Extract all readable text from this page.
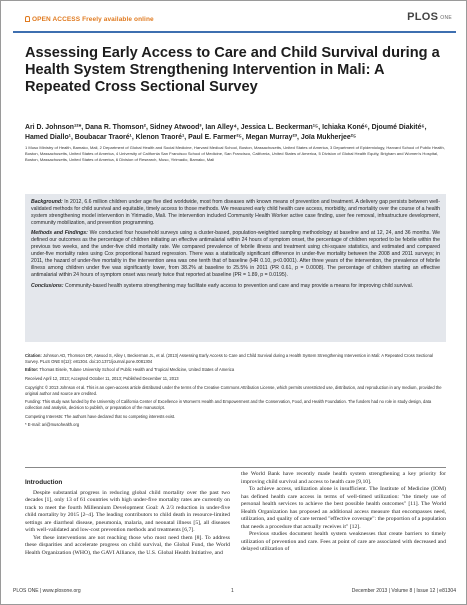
OPEN ACCESS Freely available online	PLOS ONE
Assessing Early Access to Care and Child Survival during a Health System Strengthening Intervention in Mali: A Repeated Cross Sectional Survey
Ari D. Johnson¹²*, Dana R. Thomson², Sidney Atwood³, Ian Alley⁴, Jessica L. Beckerman¹⁵, Ichiaka Koné⁶, Djoumé Diakité⁶, Hamed Diallo¹, Boubacar Traoré¹, Klenon Traoré¹, Paul E. Farmer²⁵, Megan Murray²³, Joïa Mukherjee²⁵
1 Muso Ministry of Health, Bamako, Mali, 2 Department of Global Health and Social Medicine, Harvard Medical School, Boston, Massachusetts, United States of America, 3 Department of Epidemiology, Harvard School of Public Health, Boston, Massachusetts, United States of America, 4 University of California San Francisco School of Medicine, San Francisco, California, United States of America, 5 Division of Global Health Equity, Brigham and Women's Hospital, Boston, Massachusetts, United States of America, 6 Division of Research, Muso, Yirimadio, Bamako, Mali

Background: In 2012, 6.6 million children under age five died worldwide, most from diseases with known means of prevention and treatment. A delivery gap persists between well-validated methods for child survival and equitable, timely access to those methods. We measured early child health care access, morbidity, and mortality over the course of a health system strengthening model intervention in Yirimadio, Mali. The intervention included Community Health Worker active case finding, user fee removal, infrastructure development, community mobilization, and prevention programming.

Methods and Findings: We conducted four household surveys using a cluster-based, population-weighted sampling methodology at baseline and at 12, 24, and 36 months. We defined our outcomes as the percentage of children initiating an effective antimalarial within 24 hours of symptom onset, the percentage of children reported to be febrile within the previous two weeks, and the under-five child mortality rate. We compared prevalence of febrile illness and treatment using chi-square statistics, and estimated and compared under-five mortality rates using Cox proportional hazard regression. There was a statistically significant difference in under-five mortality between the 2008 and 2011 surveys; in 2011, the hazard of under-five mortality in the intervention area was one tenth that of baseline (HR 0.10, p<0.0001). After three years of the intervention, the prevalence of febrile illness among children under five was significantly lower, from 38.2% at baseline to 25.5% in 2011 (PR 0.61, p = 0.0008). The percentage of children starting an effective antimalarial within 24 hours of symptom onset was nearly twice that reported at baseline (PR = 1.89, p = 0.0195).

Conclusions: Community-based health systems strengthening may facilitate early access to prevention and care and may provide a means for improving child survival.

Citation: Johnson AD, Thomson DR, Atwood S, Alley I, Beckerman JL, et al. (2013) Assessing Early Access to Care and Child Survival during a Health System Strengthening Intervention in Mali: A Repeated Cross Sectional Survey. PLoS ONE 8(12): e81304. doi:10.1371/journal.pone.0081304

Editor: Thomas Eisele, Tulane University School of Public Health and Tropical Medicine, United States of America

Received April 12, 2013; Accepted October 11, 2013; Published December 11, 2013

Copyright: © 2013 Johnson et al. This is an open-access article distributed under the terms of the Creative Commons Attribution License, which permits unrestricted use, distribution, and reproduction in any medium, provided the original author and source are credited.

Funding: This study was funded by the University of California Center of Excellence in Women's Health and Empowerment and the Conservation, Food, and Health Foundation. The funders had no role in study design, data collection and analysis, decision to publish, or preparation of the manuscript.

Competing Interests: The authors have declared that no competing interests exist.

* E-mail: ari@musohealth.org

Introduction
Despite substantial progress in reducing global child mortality over the past two decades [1], only 13 of 61 countries with high under-five mortality rates are currently on track to meet the fourth Millennium Development Goal: A 2/3 reduction in under-five child mortality by 2015 [2–4]. The leading contributors to child death in resource-limited settings are diarrheal disease, pneumonia, malaria, and neonatal illness [5], all diseases with well-validated and low-cost prevention methods and treatments [6,7].
Yet these interventions are not reaching those who most need them [8]. To address these disparities and accelerate progress on child survival, the Global Fund, the World Health Organization (WHO), the GAVI Alliance, the U.S. Global Health Initiative, and
the World Bank have recently made health system strengthening a key priority for improving child survival and access to health care [9,10].
To achieve access, utilization alone is insufficient. The Institute of Medicine (IOM) has defined health care access in terms of well-timed utilization: "the timely use of personal health services to achieve the best possible health outcomes" [11]. The World Health Organization has proposed an additional access measure that encompasses need, utilization, and quality of care termed "effective coverage": the proportion of a population that needs a procedure that actually receives it" [12].
Previous studies document health system weaknesses that create barriers to timely utilization of prevention and care. Fees at point of care are associated with decreased and delayed utilization of
PLOS ONE | www.plosone.org	1	December 2013 | Volume 8 | Issue 12 | e81304
